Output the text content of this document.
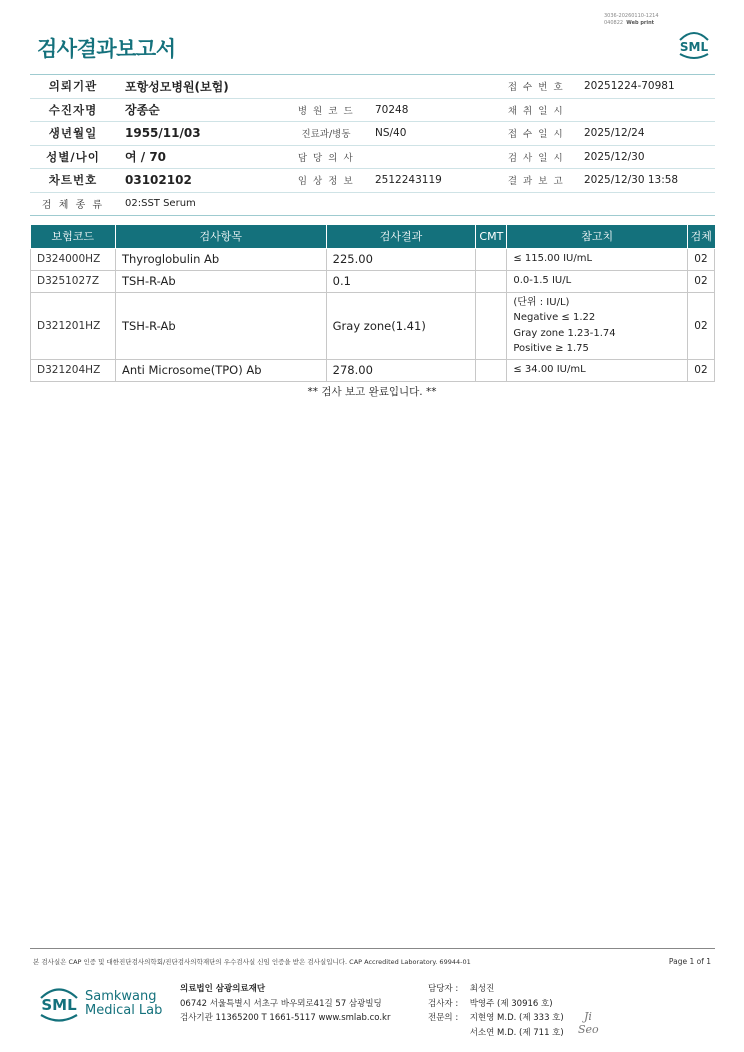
검사결과보고서
3036-20260110-1214
040822 Web print
SML
의뢰기관	포항성모병원(보험)			접 수 번 호	20251224-70981
수진자명	장종순	병 원 코 드	70248	채 취 일 시	
생년월일	1955/11/03	진료과/병동	NS/40	접 수 일 시	2025/12/24
성별/나이	여 / 70	담 당 의 사		검 사 일 시	2025/12/30
차트번호	03102102	임 상 정 보	2512243119	결 과 보 고	2025/12/30 13:58
검 체 종 류	02:SST Serum				
보험코드	검사항목	검사결과	CMT	참고치	검체
D324000HZ	Thyroglobulin Ab	225.00		≤ 115.00 IU/mL	02
D3251027Z	TSH-R-Ab	0.1		0.0-1.5 IU/L	02
D321201HZ	TSH-R-Ab	Gray zone(1.41)		(단위 : IU/L)
Negative ≤ 1.22
Gray zone 1.23-1.74
Positive ≥ 1.75	02
D321204HZ	Anti Microsome(TPO) Ab	278.00		≤ 34.00 IU/mL	02
** 검사 보고 완료입니다. **
본 검사실은 CAP 인증 및 대한진단검사의학회/진단검사의학재단의 우수검사실 신임 인증을 받은 검사실입니다. CAP Accredited Laboratory. 69944-01	Page 1 of 1
SML Samkwang
Medical Lab
의료법인 삼광의료재단
06742 서울특별시 서초구 바우뫼로41길 57 삼광빌딩
검사기관 11365200 T 1661-5117 www.smlab.co.kr
담당자 : 최성진
검사자 : 박영주 (제 30916 호)
전문의 : 지현영 M.D. (제 333 호)
서소연 M.D. (제 711 호)
Ji
Seo
